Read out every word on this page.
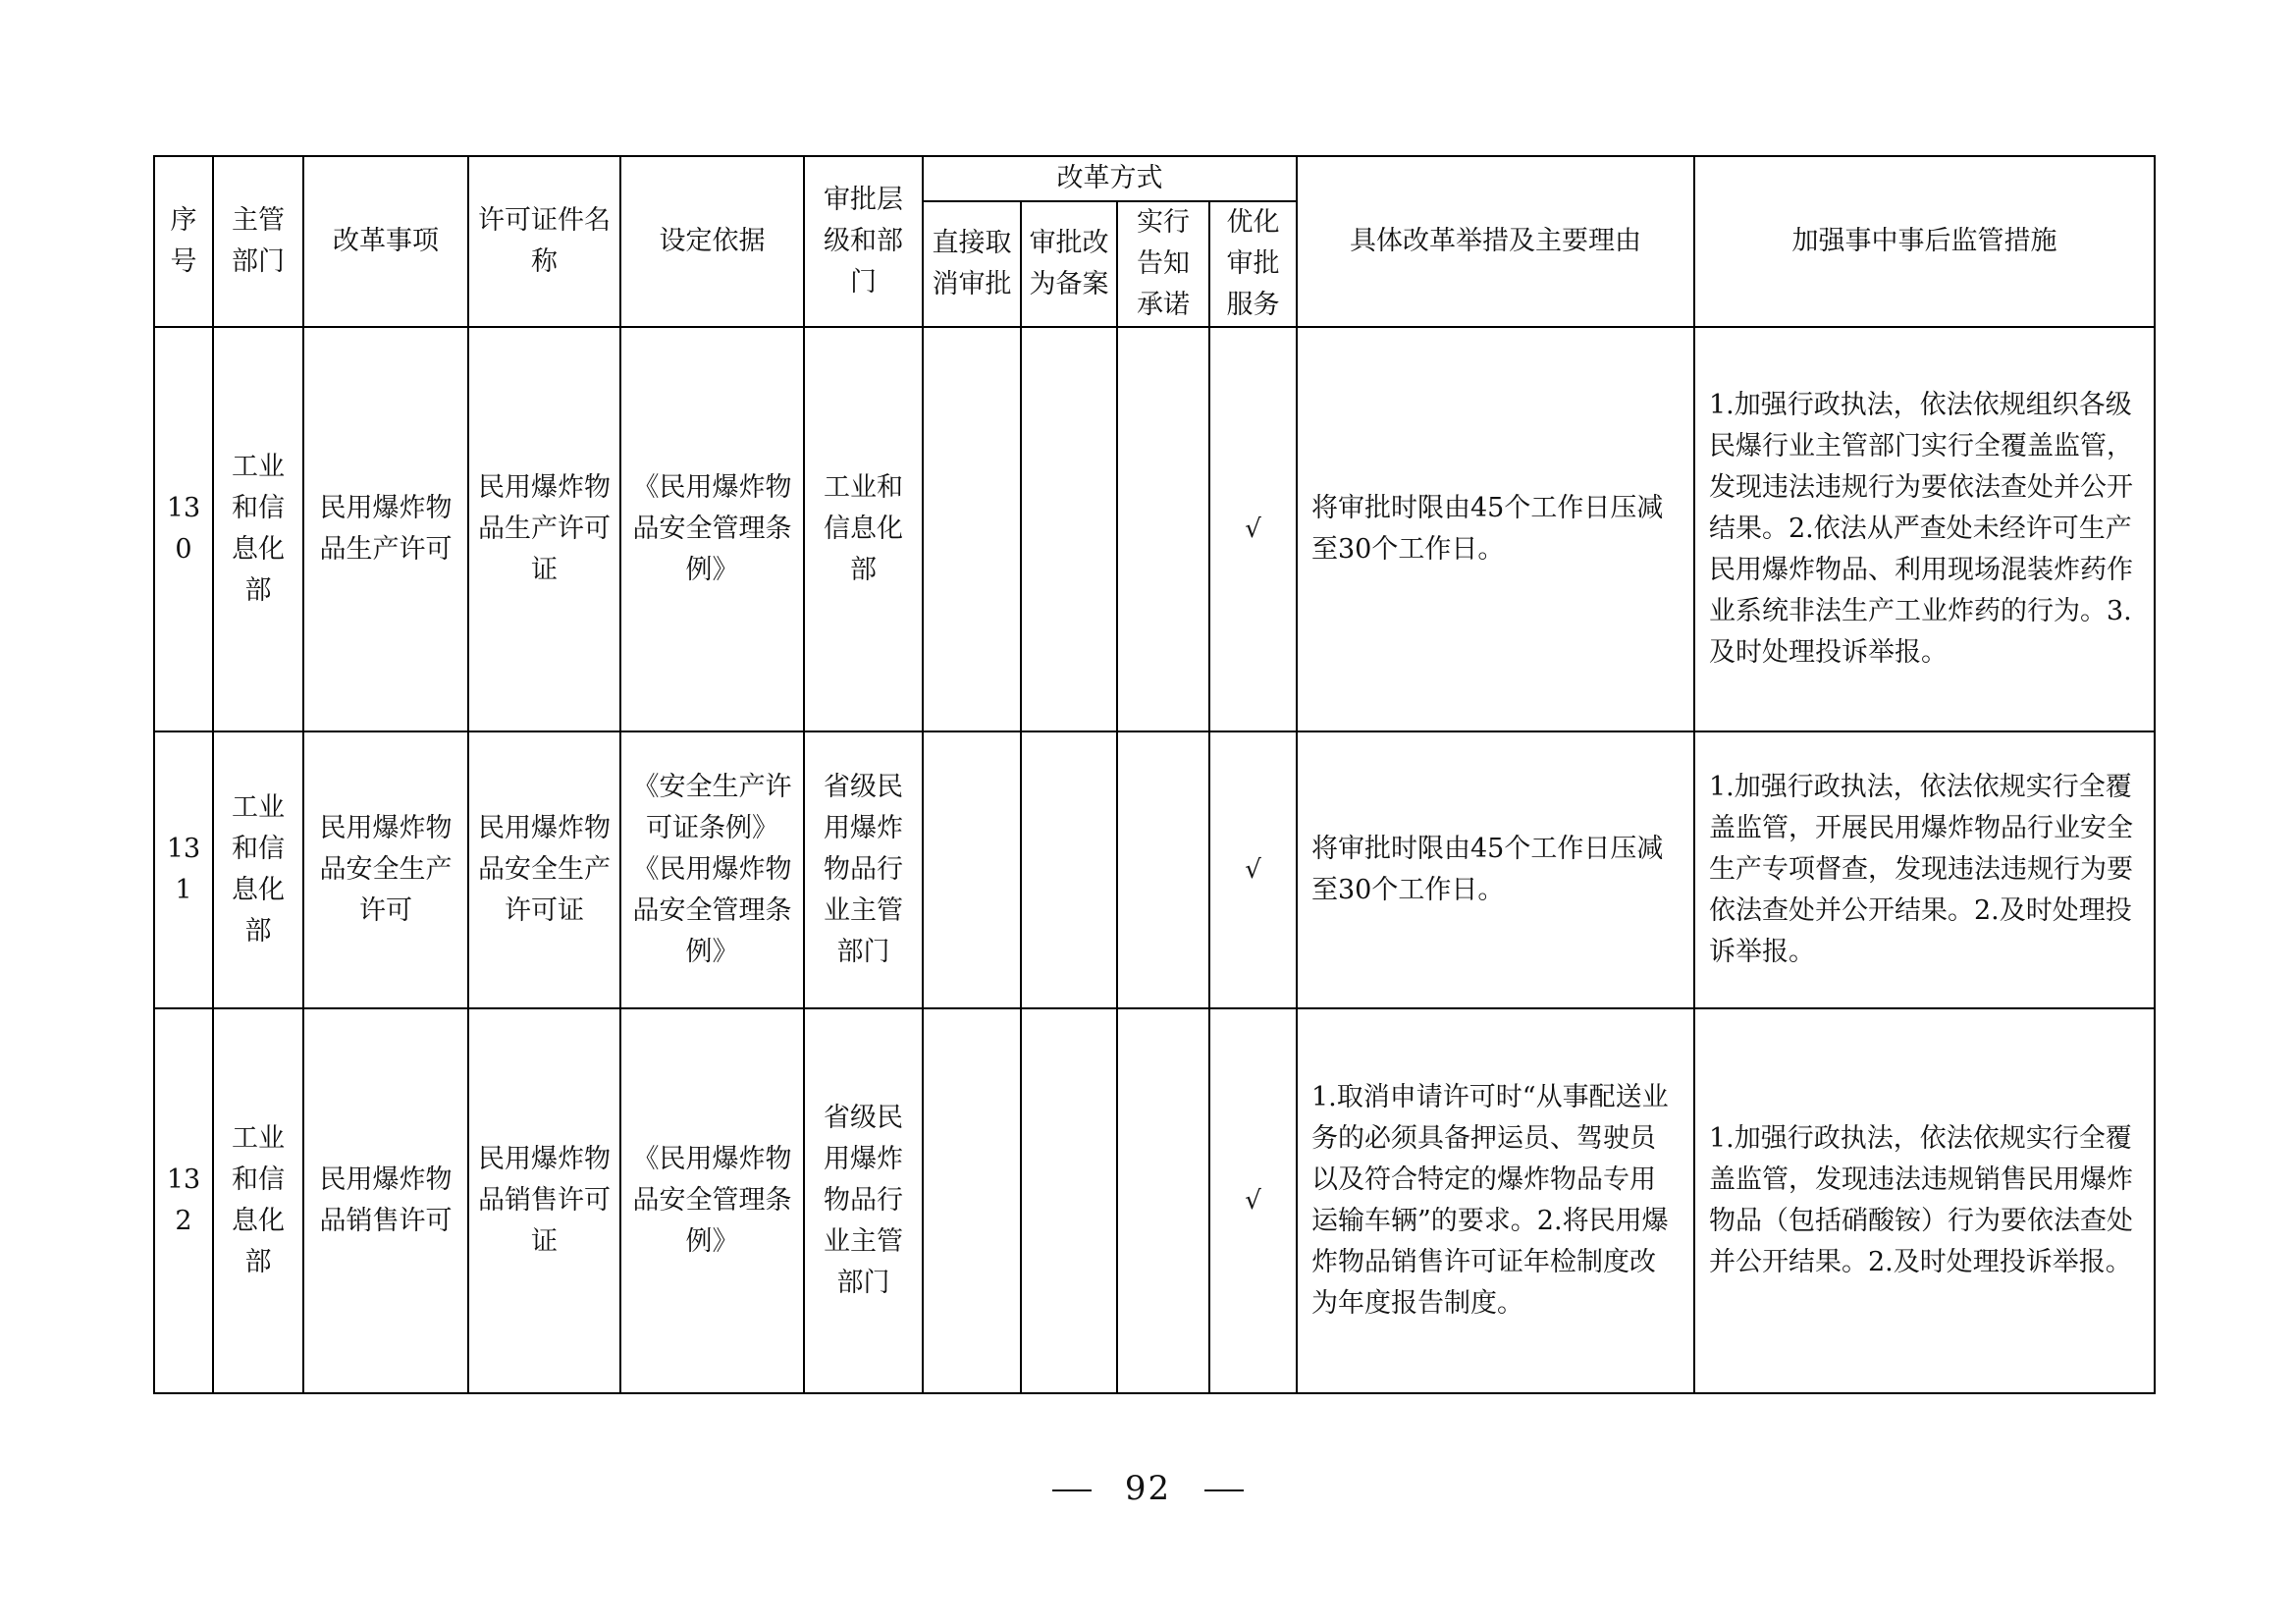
序号	主管部门	改革事项	许可证件名称	设定依据	审批层级和部门	改革方式				具体改革举措及主要理由	加强事中事后监管措施
						直接取消审批	审批改为备案	实行告知承诺	优化审批服务		
130	工业和信息化部	民用爆炸物品生产许可	民用爆炸物品生产许可证	《民用爆炸物品安全管理条例》	工业和信息化部				√	将审批时限由45个工作日压减至30个工作日。	1.加强行政执法，依法依规组织各级民爆行业主管部门实行全覆盖监管，发现违法违规行为要依法查处并公开结果。2.依法从严查处未经许可生产民用爆炸物品、利用现场混装炸药作业系统非法生产工业炸药的行为。3.及时处理投诉举报。
131	工业和信息化部	民用爆炸物品安全生产许可	民用爆炸物品安全生产许可证	《安全生产许可证条例》《民用爆炸物品安全管理条例》	省级民用爆炸物品行业主管部门				√	将审批时限由45个工作日压减至30个工作日。	1.加强行政执法，依法依规实行全覆盖监管，开展民用爆炸物品行业安全生产专项督查，发现违法违规行为要依法查处并公开结果。2.及时处理投诉举报。
132	工业和信息化部	民用爆炸物品销售许可	民用爆炸物品销售许可证	《民用爆炸物品安全管理条例》	省级民用爆炸物品行业主管部门				√	1.取消申请许可时“从事配送业务的必须具备押运员、驾驶员以及符合特定的爆炸物品专用运输车辆”的要求。2.将民用爆炸物品销售许可证年检制度改为年度报告制度。	1.加强行政执法，依法依规实行全覆盖监管，发现违法违规销售民用爆炸物品（包括硝酸铵）行为要依法查处并公开结果。2.及时处理投诉举报。
92
